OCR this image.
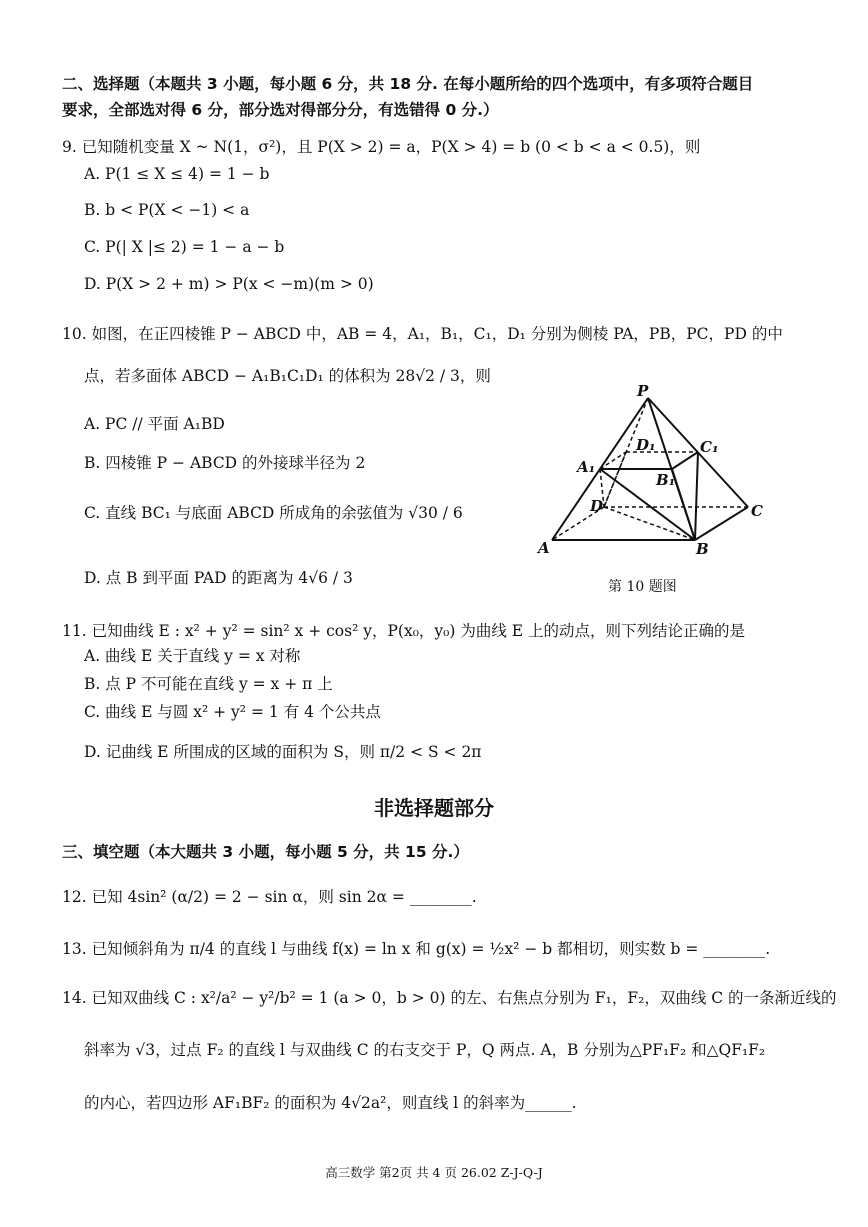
二、选择题（本题共 3 小题，每小题 6 分，共 18 分. 在每小题所给的四个选项中，有多项符合题目
要求，全部选对得 6 分，部分选对得部分分，有选错得 0 分.）
9. 已知随机变量 X ~ N(1，σ²)，且 P(X > 2) = a，P(X > 4) = b (0 < b < a < 0.5)，则
A. P(1 ≤ X ≤ 4) = 1 − b
B. b < P(X < −1) < a
C. P(| X |≤ 2) = 1 − a − b
D. P(X > 2 + m) > P(x < −m)(m > 0)
10. 如图，在正四棱锥 P − ABCD 中，AB = 4，A₁，B₁，C₁，D₁ 分别为侧棱 PA，PB，PC，PD 的中
点，若多面体 ABCD − A₁B₁C₁D₁ 的体积为 28√2 / 3，则
A. PC // 平面 A₁BD
B. 四棱锥 P − ABCD 的外接球半径为 2
C. 直线 BC₁ 与底面 ABCD 所成角的余弦值为 √30 / 6
D. 点 B 到平面 PAD 的距离为 4√6 / 3
P
D₁	C₁
A₁
B₁
D	C
A	B
第 10 题图
11. 已知曲线 E : x² + y² = sin² x + cos² y，P(x₀，y₀) 为曲线 E 上的动点，则下列结论正确的是
A. 曲线 E 关于直线 y = x 对称
B. 点 P 不可能在直线 y = x + π 上
C. 曲线 E 与圆 x² + y² = 1 有 4 个公共点
D. 记曲线 E 所围成的区域的面积为 S，则 π/2 < S < 2π
非选择题部分
三、填空题（本大题共 3 小题，每小题 5 分，共 15 分.）
12. 已知 4sin² (α/2) = 2 − sin α，则 sin 2α = ________.
13. 已知倾斜角为 π/4 的直线 l 与曲线 f(x) = ln x 和 g(x) = ½x² − b 都相切，则实数 b = ________.
14. 已知双曲线 C : x²/a² − y²/b² = 1 (a > 0，b > 0) 的左、右焦点分别为 F₁，F₂，双曲线 C 的一条渐近线的
斜率为 √3，过点 F₂ 的直线 l 与双曲线 C 的右支交于 P，Q 两点. A，B 分别为△PF₁F₂ 和△QF₁F₂
的内心，若四边形 AF₁BF₂ 的面积为 4√2a²，则直线 l 的斜率为______.
高三数学 第2页 共 4 页 26.02 Z-J-Q-J
